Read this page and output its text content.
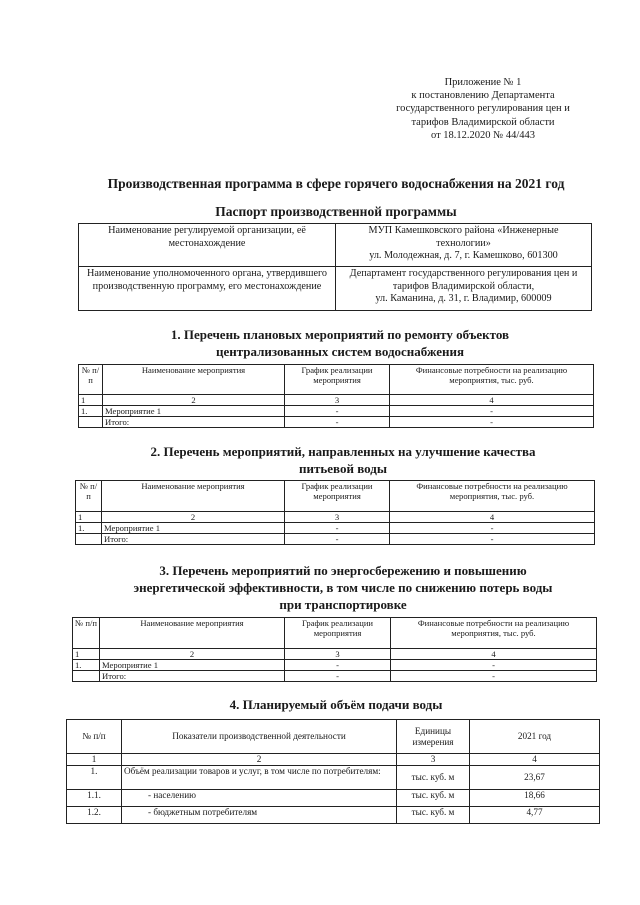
Приложение № 1
к постановлению Департамента
государственного регулирования цен и
тарифов Владимирской области
от 18.12.2020 № 44/443
Производственная программа в сфере горячего водоснабжения на 2021 год
Паспорт производственной программы
Наименование регулируемой организации, её местонахождение	МУП Камешковского района «Инженерные технологии»
ул. Молодежная, д. 7, г. Камешково, 601300

Наименование уполномоченного органа, утвердившего производственную программу, его местонахождение	Департамент государственного регулирования цен и тарифов Владимирской области,
ул. Каманина, д. 31, г. Владимир, 600009
1. Перечень плановых мероприятий по ремонту объектов
централизованных систем водоснабжения
№ п/п	Наименование мероприятия	График реализации мероприятия	Финансовые потребности на реализацию мероприятия, тыс. руб.
1	2	3	4
1.	Мероприятие 1	-	-
	Итого:	-	-
2. Перечень мероприятий, направленных на улучшение качества
питьевой воды
№ п/п	Наименование мероприятия	График реализации мероприятия	Финансовые потребности на реализацию мероприятия, тыс. руб.
1	2	3	4
1.	Мероприятие 1	-	-
	Итого:	-	-
3. Перечень мероприятий по энергосбережению и повышению
энергетической эффективности, в том числе по снижению потерь воды
при транспортировке
№ п/п	Наименование мероприятия	График реализации мероприятия	Финансовые потребности на реализацию мероприятия, тыс. руб.
1	2	3	4
1.	Мероприятие 1	-	-
	Итого:	-	-
4. Планируемый объём подачи воды
№ п/п	Показатели производственной деятельности	Единицы измерения	2021 год
1	2	3	4
1.	Объём реализации товаров и услуг, в том числе по потребителям:	тыс. куб. м	23,67
1.1.	- населению	тыс. куб. м	18,66
1.2.	- бюджетным потребителям	тыс. куб. м	4,77
